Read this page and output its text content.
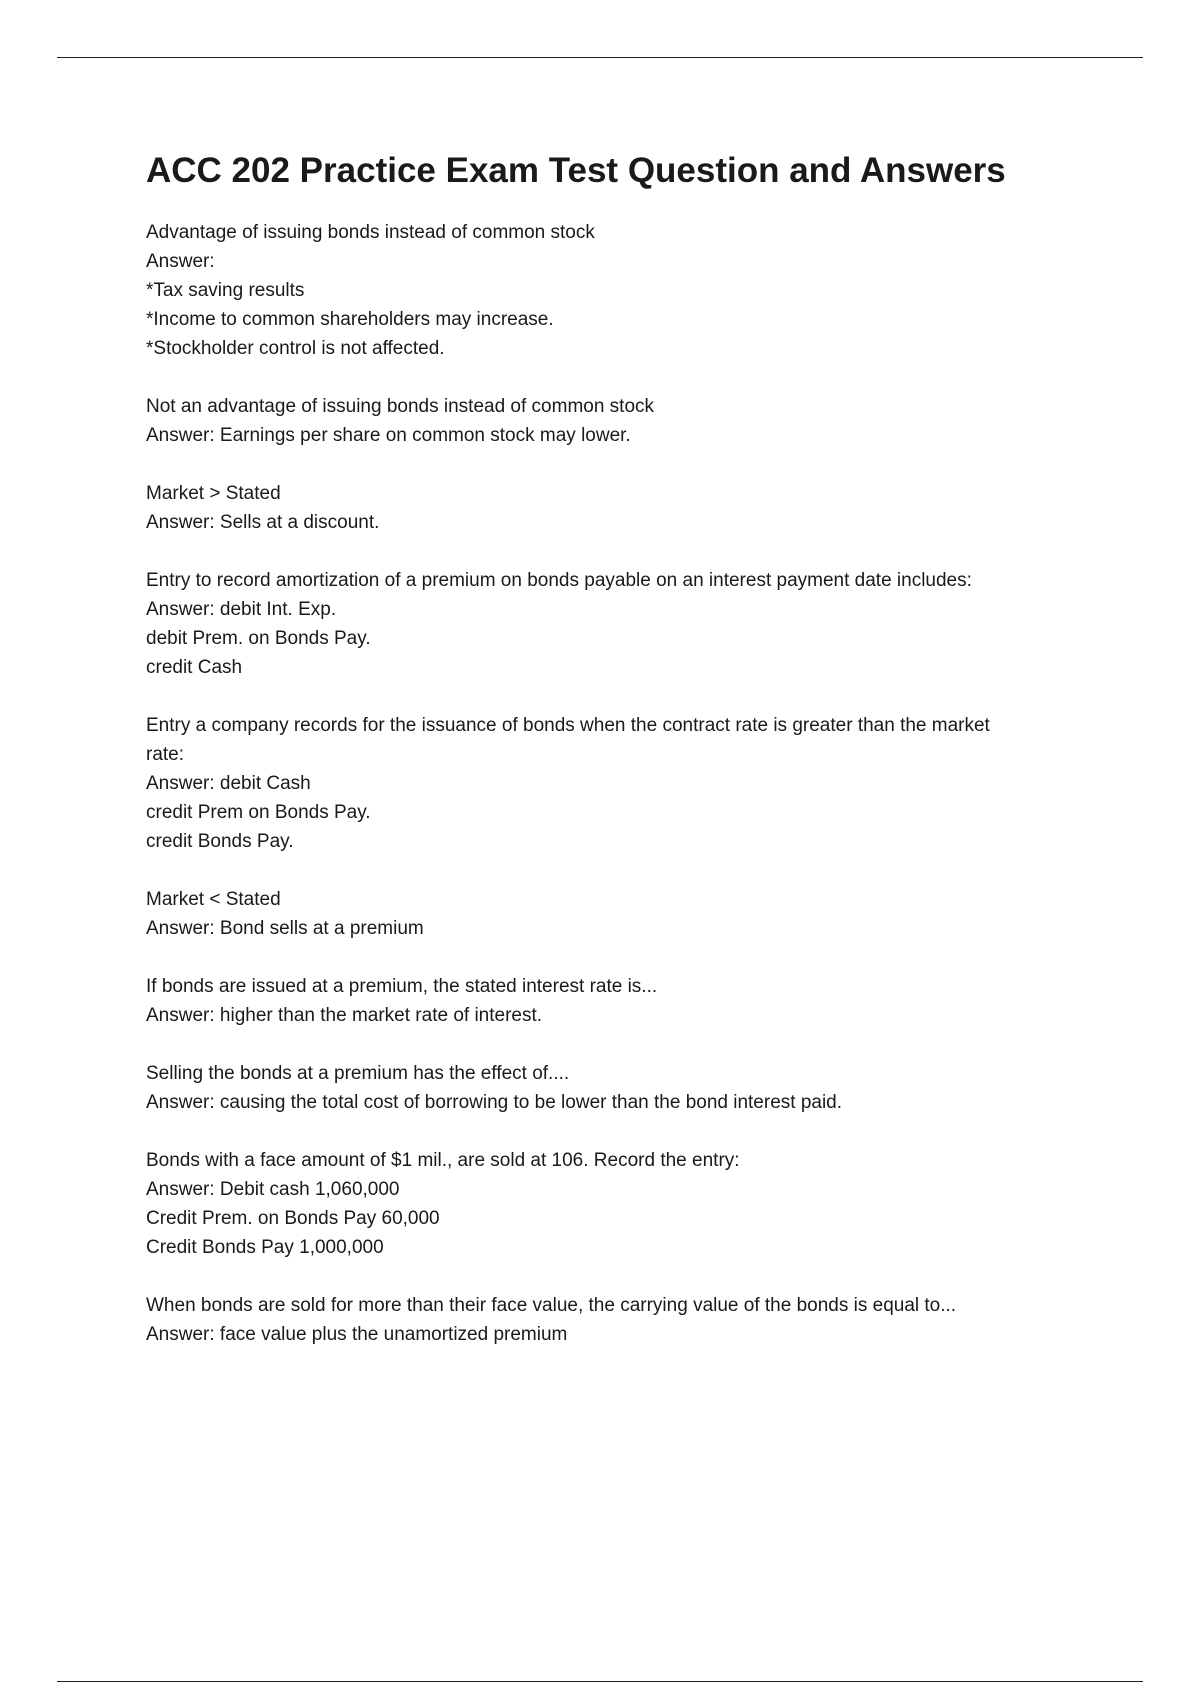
ACC 202 Practice Exam Test Question and Answers
Advantage of issuing bonds instead of common stock
Answer:
*Tax saving results
*Income to common shareholders may increase.
*Stockholder control is not affected.
Not an advantage of issuing bonds instead of common stock
Answer: Earnings per share on common stock may lower.
Market > Stated
Answer: Sells at a discount.
Entry to record amortization of a premium on bonds payable on an interest payment date includes:
Answer: debit Int. Exp.
debit Prem. on Bonds Pay.
credit Cash
Entry a company records for the issuance of bonds when the contract rate is greater than the market
rate:
Answer: debit Cash
credit Prem on Bonds Pay.
credit Bonds Pay.
Market < Stated
Answer: Bond sells at a premium
If bonds are issued at a premium, the stated interest rate is...
Answer: higher than the market rate of interest.
Selling the bonds at a premium has the effect of....
Answer: causing the total cost of borrowing to be lower than the bond interest paid.
Bonds with a face amount of $1 mil., are sold at 106. Record the entry:
Answer: Debit cash 1,060,000
Credit Prem. on Bonds Pay 60,000
Credit Bonds Pay 1,000,000
When bonds are sold for more than their face value, the carrying value of the bonds is equal to...
Answer: face value plus the unamortized premium
